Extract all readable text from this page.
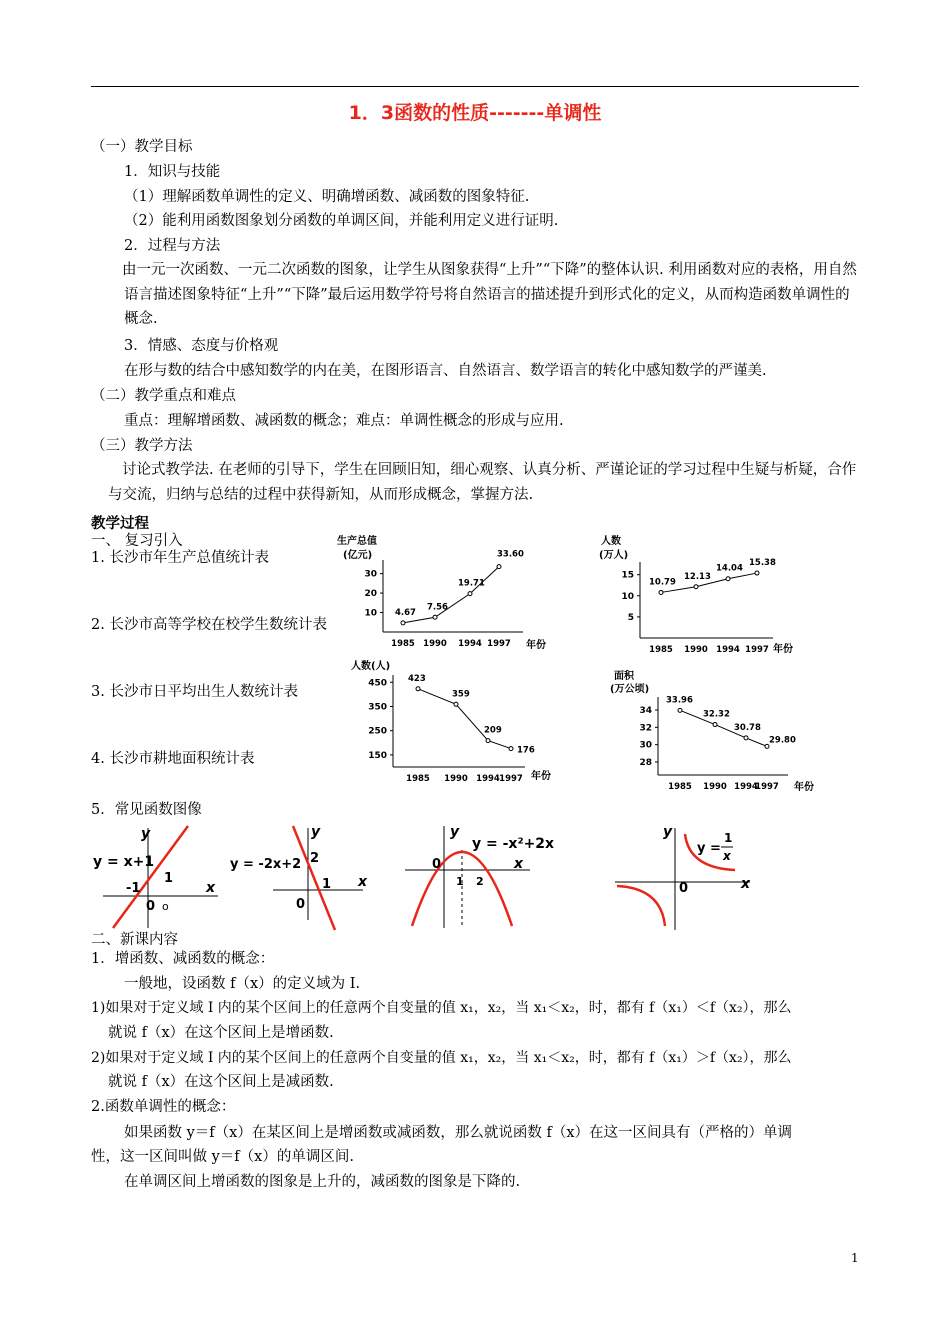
1．3函数的性质-------单调性
（一）教学目标
1．知识与技能
（1）理解函数单调性的定义、明确增函数、减函数的图象特征.
（2）能利用函数图象划分函数的单调区间，并能利用定义进行证明.
2．过程与方法
由一元一次函数、一元二次函数的图象，让学生从图象获得“上升”“下降”的整体认识. 利用函数对应的表格，用自然语言描述图象特征“上升”“下降”最后运用数学符号将自然语言的描述提升到形式化的定义，从而构造函数单调性的概念.
3．情感、态度与价格观
在形与数的结合中感知数学的内在美，在图形语言、自然语言、数学语言的转化中感知数学的严谨美.
（二）教学重点和难点
重点：理解增函数、减函数的概念；难点：单调性概念的形成与应用.
（三）教学方法
讨论式教学法. 在老师的引导下，学生在回顾旧知，细心观察、认真分析、严谨论证的学习过程中生疑与析疑，合作与交流，归纳与总结的过程中获得新知，从而形成概念，掌握方法.
教学过程
一、 复习引入
1. 长沙市年生产总值统计表
2. 长沙市高等学校在校学生数统计表
3. 长沙市日平均出生人数统计表
4. 长沙市耕地面积统计表
5．常见函数图像
生产总值
(亿元)
年份
10
20
30
1985 1990 1994 1997
4.67
7.56
19.71
33.60
人数
(万人)
年份
5
10
15
1985 1990 1994 1997
10.79
12.13
14.04
15.38
人数(人)
年份
150
250
350
450
1985 1990 1994 1997
423
359
209
176
面积
(万公顷)
年份
28
30
32
34
1985 1990 1994
1997
33.96
32.32
30.78
29.80
y
y = x+1
x
-1
1
0 o
y
y = -2x+2
x
2
1
0
y
y = -x²+2x
x
0
1 2
y
y =
1
x
x
0
二、新课内容
1．增函数、减函数的概念：
一般地，设函数 f（x）的定义域为 I.
1)如果对于定义域 I 内的某个区间上的任意两个自变量的值 x₁，x₂，当 x₁＜x₂，时，都有 f（x₁）＜f（x₂），那么
就说 f（x）在这个区间上是增函数.
2)如果对于定义域 I 内的某个区间上的任意两个自变量的值 x₁，x₂，当 x₁＜x₂，时，都有 f（x₁）＞f（x₂），那么
就说 f（x）在这个区间上是减函数.
2.函数单调性的概念：
如果函数 y＝f（x）在某区间上是增函数或减函数，那么就说函数 f（x）在这一区间具有（严格的）单调
性，这一区间叫做 y＝f（x）的单调区间.
在单调区间上增函数的图象是上升的，减函数的图象是下降的.
1
